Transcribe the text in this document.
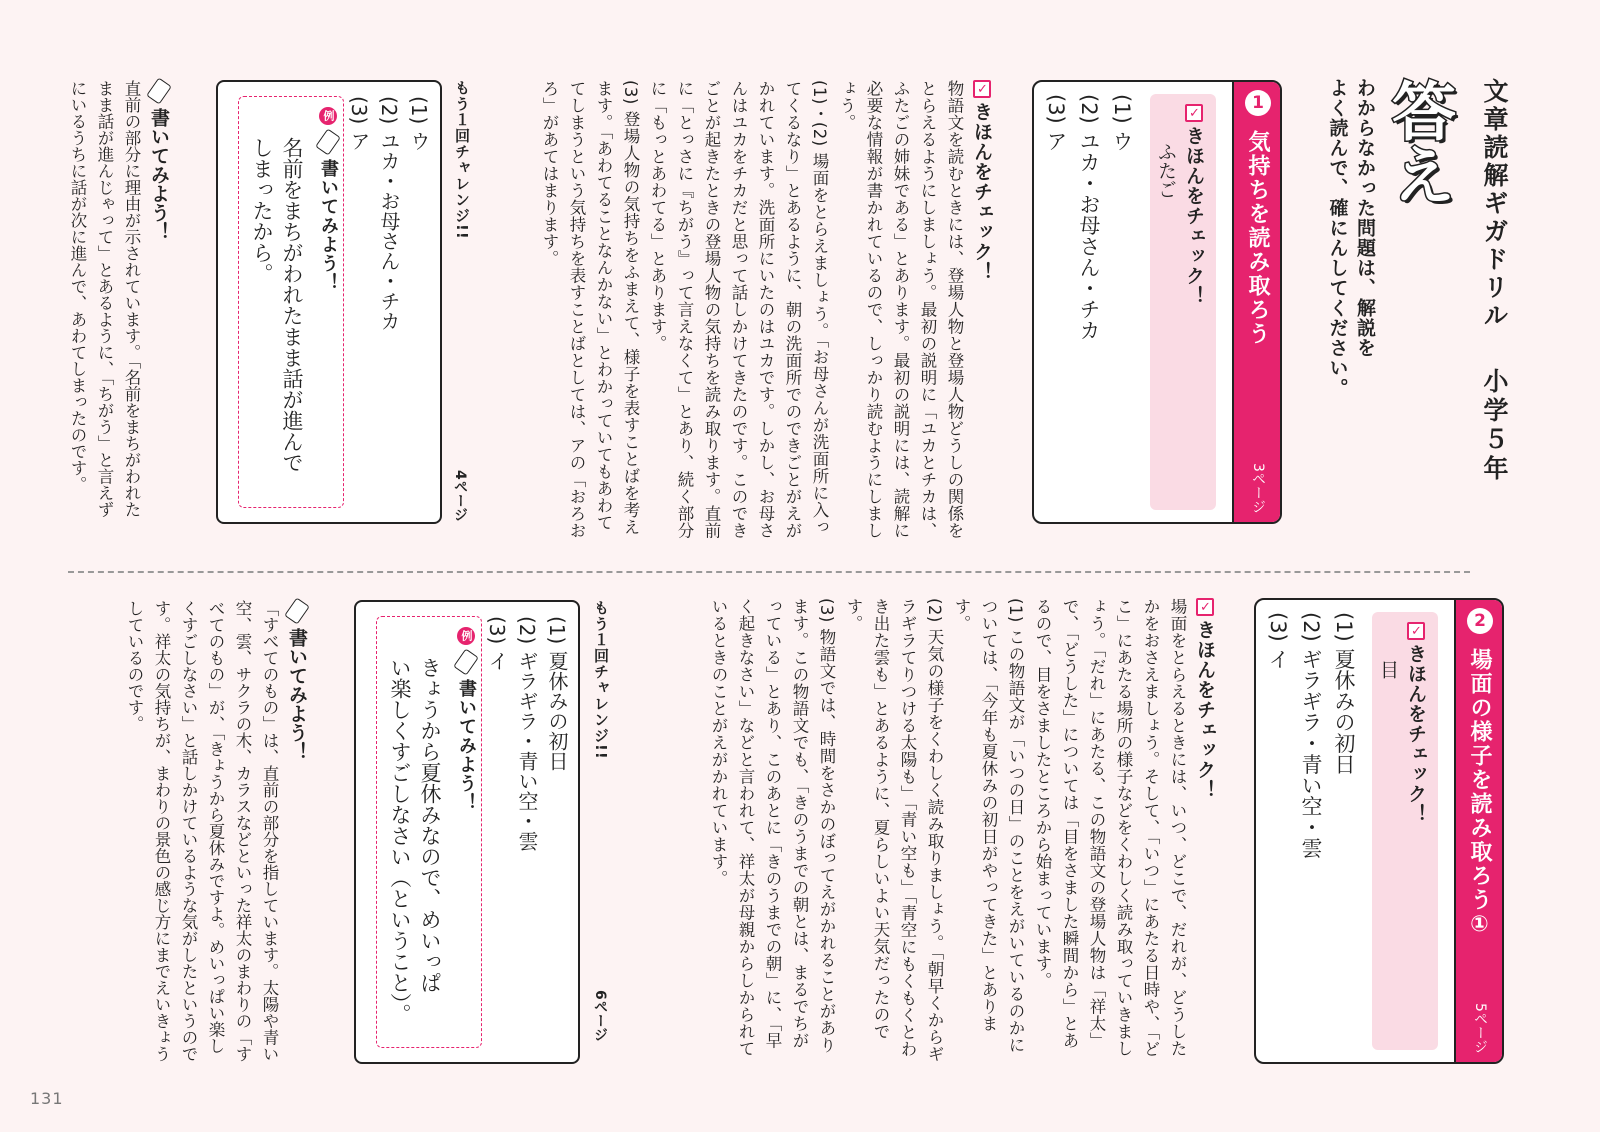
文章読解ギガドリル
小学５年
答え
わからなかった問題は、解説を
よく読んで、確にんしてください。
1
気持ちを読み取ろう
3ページ
✓きほんをチェック！
ふたご
(1) ウ
(2) ユカ・お母さん・チカ
(3) ア
✓きほんをチェック！
物語文を読むときには、登場人物と登場人物どうしの関係をとらえるようにしましょう。最初の説明に「ユカとチカは、ふたごの姉妹である」とあります。最初の説明には、読解に必要な情報が書かれているので、しっかり読むようにしましょう。
(1)・(2) 場面をとらえましょう。「お母さんが洗面所に入ってくるなり」とあるように、朝の洗面所でのできごとがえがかれています。洗面所にいたのはユカです。しかし、お母さんはユカをチカだと思って話しかけてきたのです。このできごとが起きたときの登場人物の気持ちを読み取ります。直前に「とっさに『ちがう』って言えなくて」とあり、続く部分に「もっとあわてる」とあります。
(3) 登場人物の気持ちをふまえて、様子を表すことばを考えます。「あわてることなんかない」とわかっていてもあわててしまうという気持ちを表すことばとしては、アの「おろおろ」があてはまります。
もう１回チャレンジ!!
4ページ
(1) ウ
(2) ユカ・お母さん・チカ
(3) ア
例書いてみよう！
名前をまちがわれたまま話が進んで
しまったから。
書いてみよう！
直前の部分に理由が示されています。「名前をまちがわれたまま話が進んじゃって」とあるように、「ちがう」と言えずにいるうちに話が次に進んで、あわてしまったのです。
2
場面の様子を読み取ろう①
5ページ
✓きほんをチェック！
目
(1) 夏休みの初日
(2) ギラギラ・青い空・雲
(3) イ
✓きほんをチェック！
場面をとらえるときには、いつ、どこで、だれが、どうしたかをおさえましょう。そして、「いつ」にあたる日時や、「どこ」にあたる場所の様子などをくわしく読み取っていきましょう。「だれ」にあたる、この物語文の登場人物は「祥太」で、「どうした」については「目をさました瞬間から」とあるので、目をさましたところから始まっています。
(1) この物語文が「いつの日」のことをえがいているのかについては、「今年も夏休みの初日がやってきた」とあります。
(2) 天気の様子をくわしく読み取りましょう。「朝早くからギラギラてりつける太陽も」「青い空も」「青空にもくもくとわき出た雲も」とあるように、夏らしいよい天気だったのです。
(3) 物語文では、時間をさかのぼってえがかれることがあります。この物語文でも、「きのうまでの朝とは、まるでちがっている」とあり、このあとに「きのうまでの朝」に、「早く起きなさい」などと言われて、祥太が母親からしかられているときのことがえがかれています。
もう１回チャレンジ!!
6ページ
(1) 夏休みの初日
(2) ギラギラ・青い空・雲
(3) イ
例書いてみよう！
きょうから夏休みなので、めいっぱ
い楽しくすごしなさい（ということ）。
書いてみよう！
「すべてのもの」は、直前の部分を指しています。太陽や青い空、雲、サクラの木、カラスなどといった祥太のまわりの「すべてのもの」が、「きょうから夏休みですよ。めいっぱい楽しくすごしなさい」と話しかけているような気がしたというのです。祥太の気持ちが、まわりの景色の感じ方にまでえいきょうしているのです。
131
